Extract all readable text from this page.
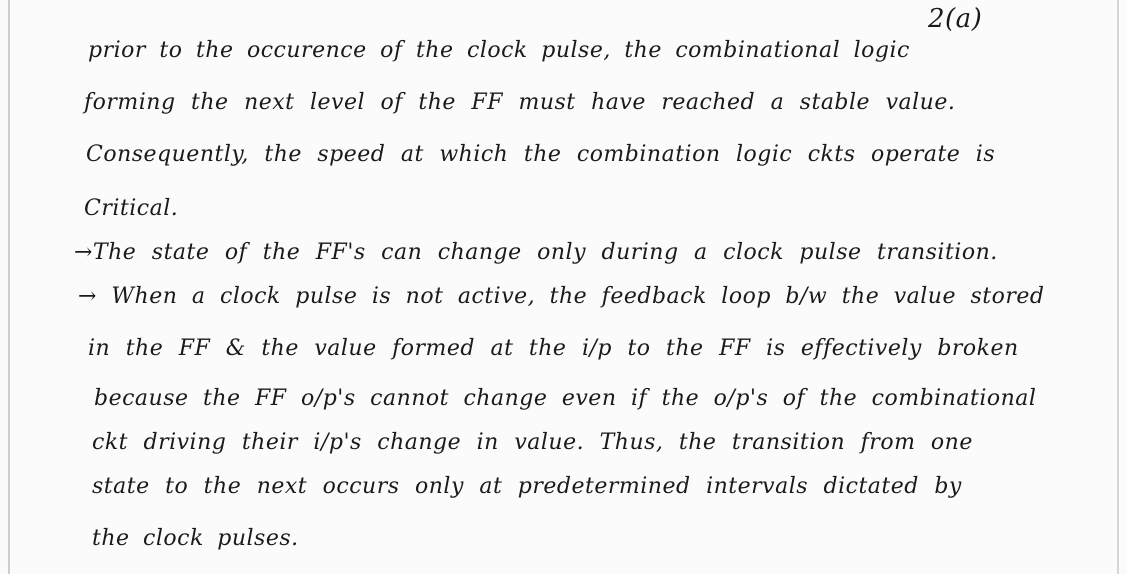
2(a)
prior to the occurence of the clock pulse, the combinational logic
forming the next level of the FF must have reached a stable value.
Consequently, the speed at which the combination logic ckts operate is
Critical.
→The state of the FF's can change only during a clock pulse transition.
→ When a clock pulse is not active, the feedback loop b/w the value stored
in the FF & the value formed at the i/p to the FF is effectively broken
because the FF o/p's cannot change even if the o/p's of the combinational
ckt driving their i/p's change in value. Thus, the transition from one
state to the next occurs only at predetermined intervals dictated by
the clock pulses.
